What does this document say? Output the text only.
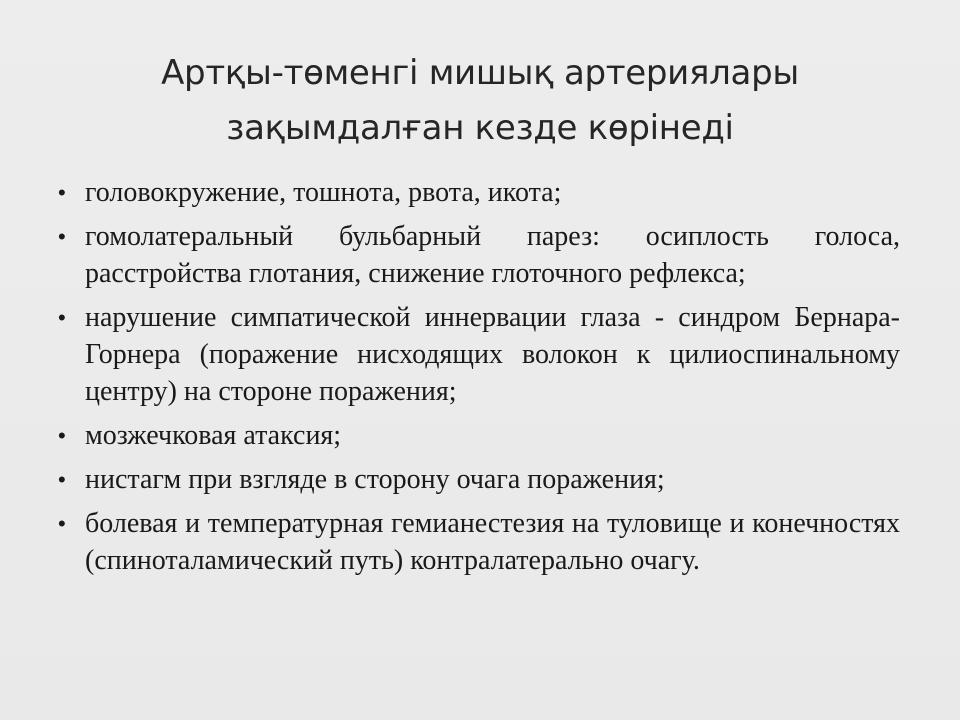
Артқы-төменгі мишық артериялары
зақымдалған кезде көрінеді
• головокружение, тошнота, рвота, икота;
• гомолатеральный бульбарный парез: осиплость голоса, расстройства глотания, снижение глоточного рефлекса;
• нарушение симпатической иннервации глаза - синдром Бернара- Горнера (поражение нисходящих волокон к цилиоспинальному центру) на стороне поражения;
• мозжечковая атаксия;
• нистагм при взгляде в сторону очага поражения;
• болевая и температурная гемианестезия на туловище и конечностях (спиноталамический путь) контралатерально очагу.
